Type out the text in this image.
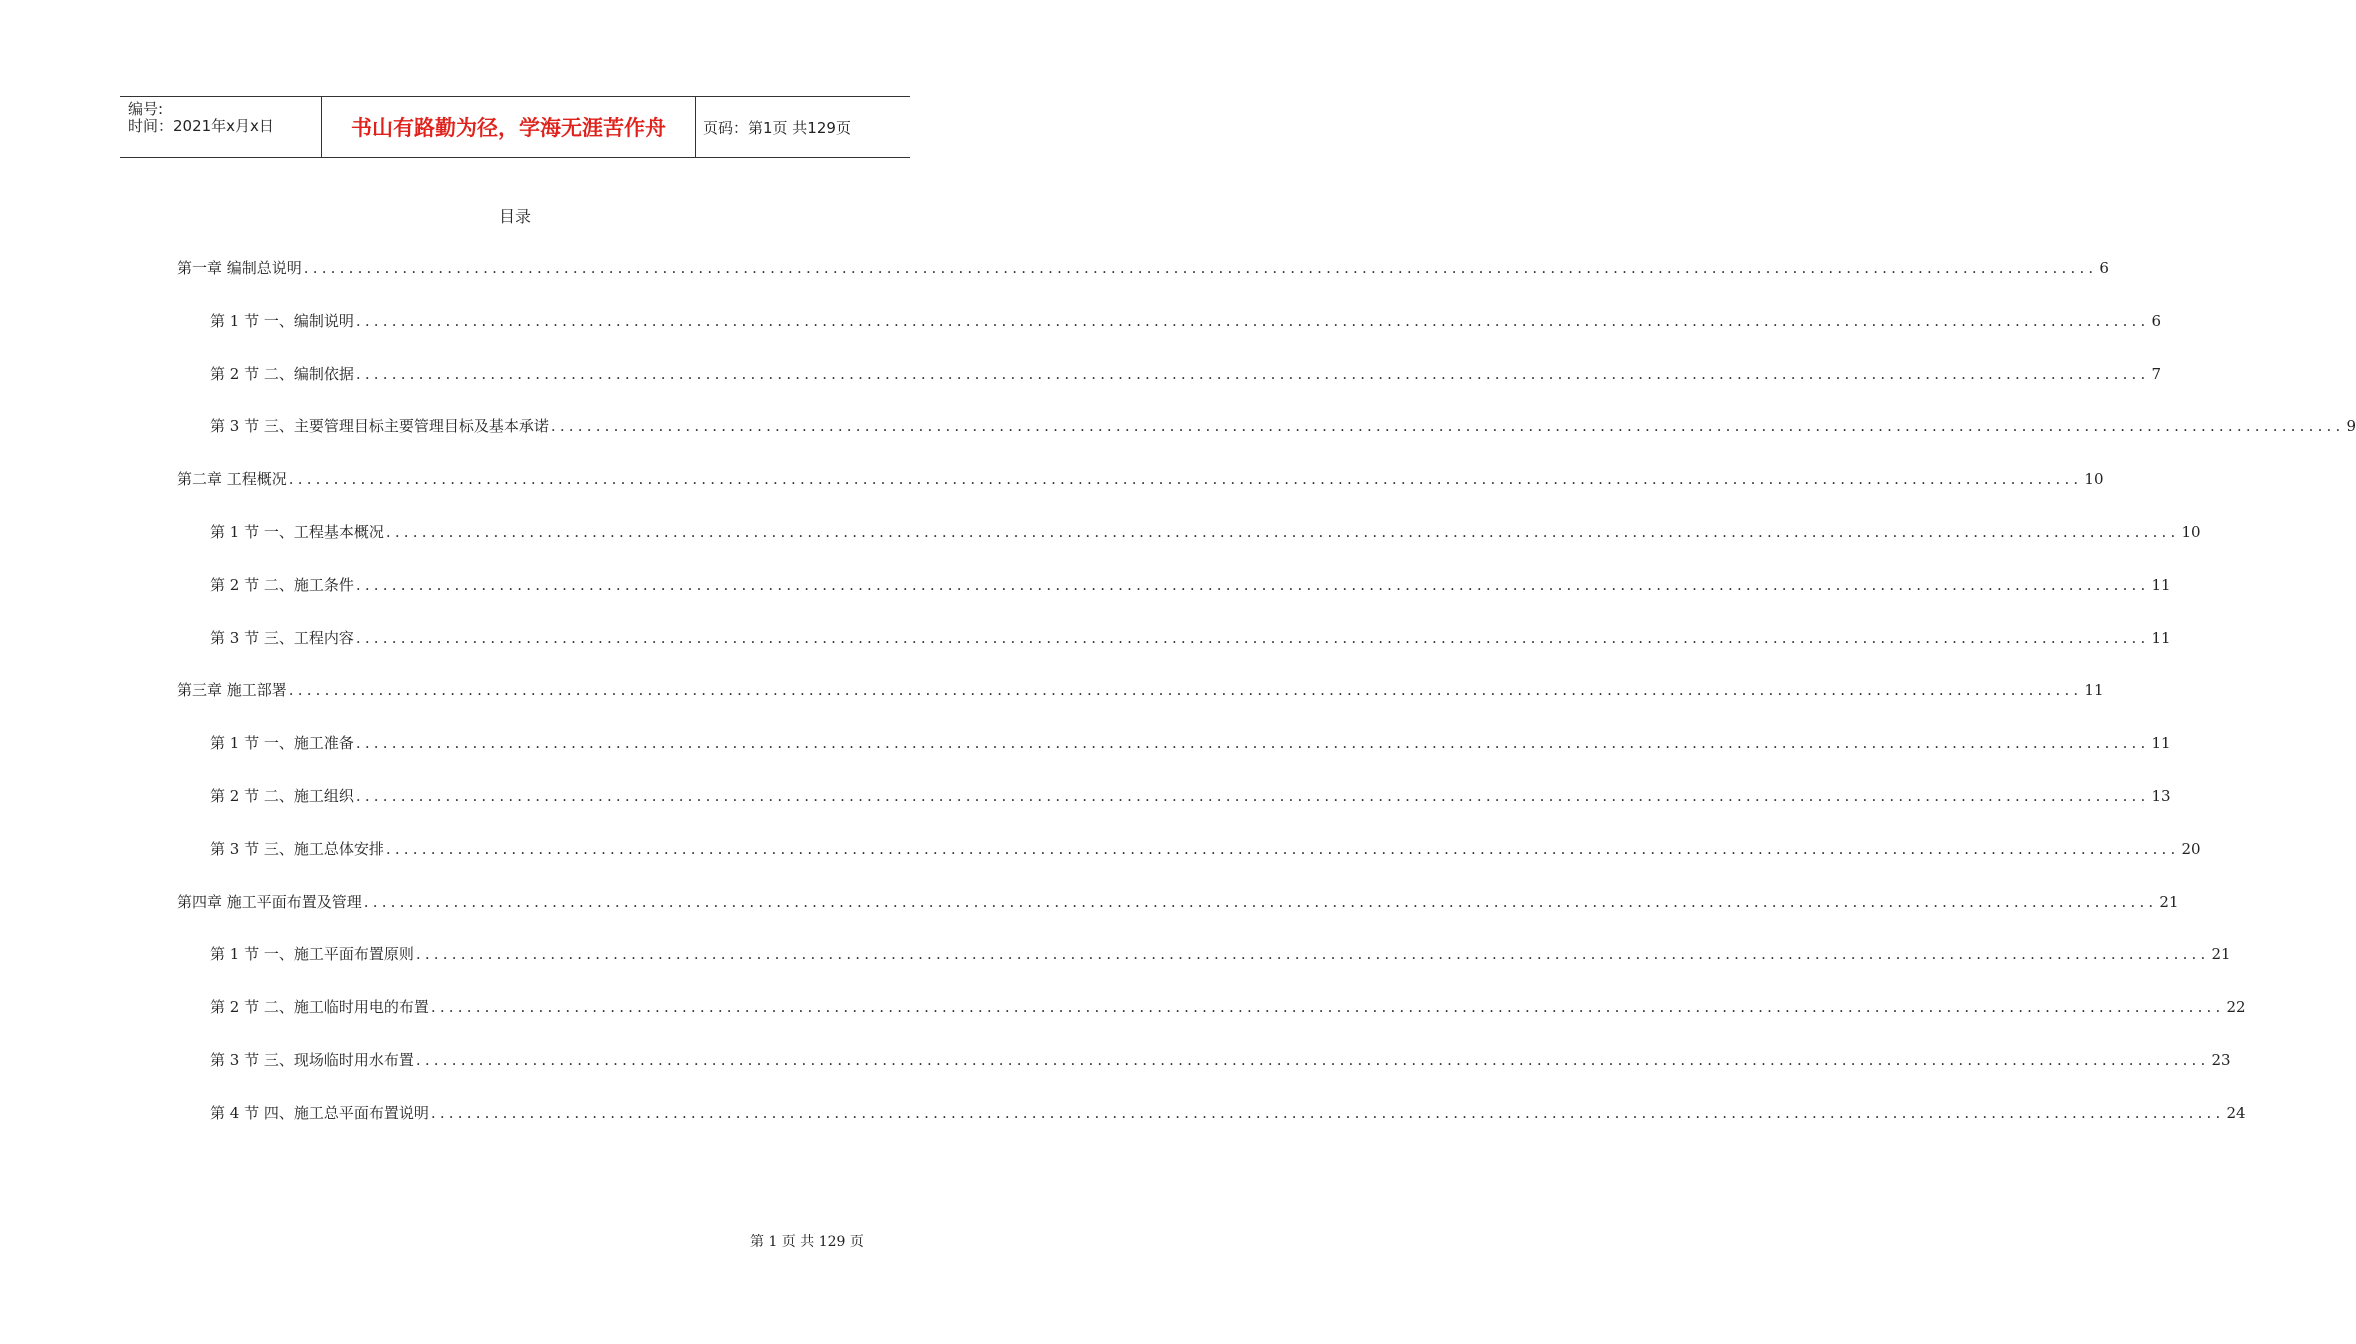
编号:
时间：2021年x月x日	书山有路勤为径，学海无涯苦作舟	页码：第1页 共129页
目录
第一章 编制总说明 ........................................................................................................................................................................................................ 6
第 1 节 一、编制说明 ........................................................................................................................................................................................................ 6
第 2 节 二、编制依据 ........................................................................................................................................................................................................ 7
第 3 节 三、主要管理目标主要管理目标及基本承诺 ........................................................................................................................................................................................................ 9
第二章 工程概况 ........................................................................................................................................................................................................ 10
第 1 节 一、工程基本概况 ........................................................................................................................................................................................................ 10
第 2 节 二、施工条件 ........................................................................................................................................................................................................ 11
第 3 节 三、工程内容 ........................................................................................................................................................................................................ 11
第三章 施工部署 ........................................................................................................................................................................................................ 11
第 1 节 一、施工准备 ........................................................................................................................................................................................................ 11
第 2 节 二、施工组织 ........................................................................................................................................................................................................ 13
第 3 节 三、施工总体安排 ........................................................................................................................................................................................................ 20
第四章 施工平面布置及管理 ........................................................................................................................................................................................................ 21
第 1 节 一、施工平面布置原则 ........................................................................................................................................................................................................ 21
第 2 节 二、施工临时用电的布置 ........................................................................................................................................................................................................ 22
第 3 节 三、现场临时用水布置 ........................................................................................................................................................................................................ 23
第 4 节 四、施工总平面布置说明 ........................................................................................................................................................................................................ 24
第 1 页 共 129 页
